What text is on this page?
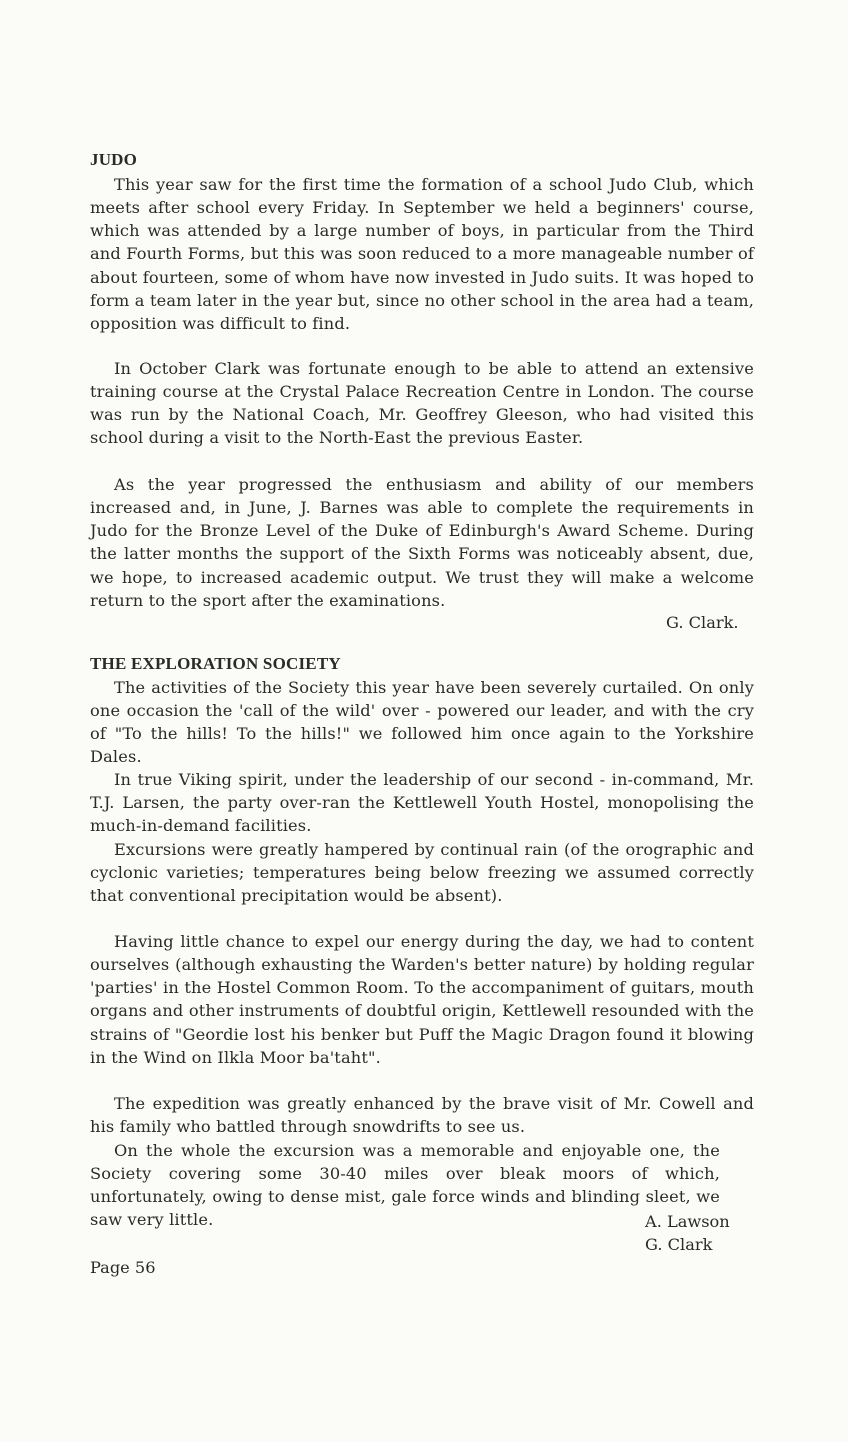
JUDO

This year saw for the first time the formation of a school Judo Club, which meets after school every Friday. In September we held a beginners' course, which was attended by a large number of boys, in particular from the Third and Fourth Forms, but this was soon reduced to a more manageable number of about fourteen, some of whom have now invested in Judo suits. It was hoped to form a team later in the year but, since no other school in the area had a team, opposition was difficult to find.

In October Clark was fortunate enough to be able to attend an extensive training course at the Crystal Palace Recreation Centre in London. The course was run by the National Coach, Mr. Geoffrey Gleeson, who had visited this school during a visit to the North-East the previous Easter.

As the year progressed the enthusiasm and ability of our members increased and, in June, J. Barnes was able to complete the requirements in Judo for the Bronze Level of the Duke of Edinburgh's Award Scheme. During the latter months the support of the Sixth Forms was noticeably absent, due, we hope, to increased academic output. We trust they will make a welcome return to the sport after the examinations.

G. Clark.

THE EXPLORATION SOCIETY

The activities of the Society this year have been severely curtailed. On only one occasion the 'call of the wild' over - powered our leader, and with the cry of "To the hills! To the hills!" we followed him once again to the Yorkshire Dales.

In true Viking spirit, under the leadership of our second - in-command, Mr. T.J. Larsen, the party over-ran the Kettlewell Youth Hostel, monopolising the much-in-demand facilities.

Excursions were greatly hampered by continual rain (of the orographic and cyclonic varieties; temperatures being below freezing we assumed correctly that conventional precipitation would be absent).

Having little chance to expel our energy during the day, we had to content ourselves (although exhausting the Warden's better nature) by holding regular 'parties' in the Hostel Common Room. To the accompaniment of guitars, mouth organs and other instruments of doubtful origin, Kettlewell resounded with the strains of "Geordie lost his benker but Puff the Magic Dragon found it blowing in the Wind on Ilkla Moor ba'taht".

The expedition was greatly enhanced by the brave visit of Mr. Cowell and his family who battled through snowdrifts to see us.

On the whole the excursion was a memorable and enjoyable one, the Society covering some 30-40 miles over bleak moors of which, unfortunately, owing to dense mist, gale force winds and blinding sleet, we saw very little.	A. Lawson

G. Clark

Page 56
